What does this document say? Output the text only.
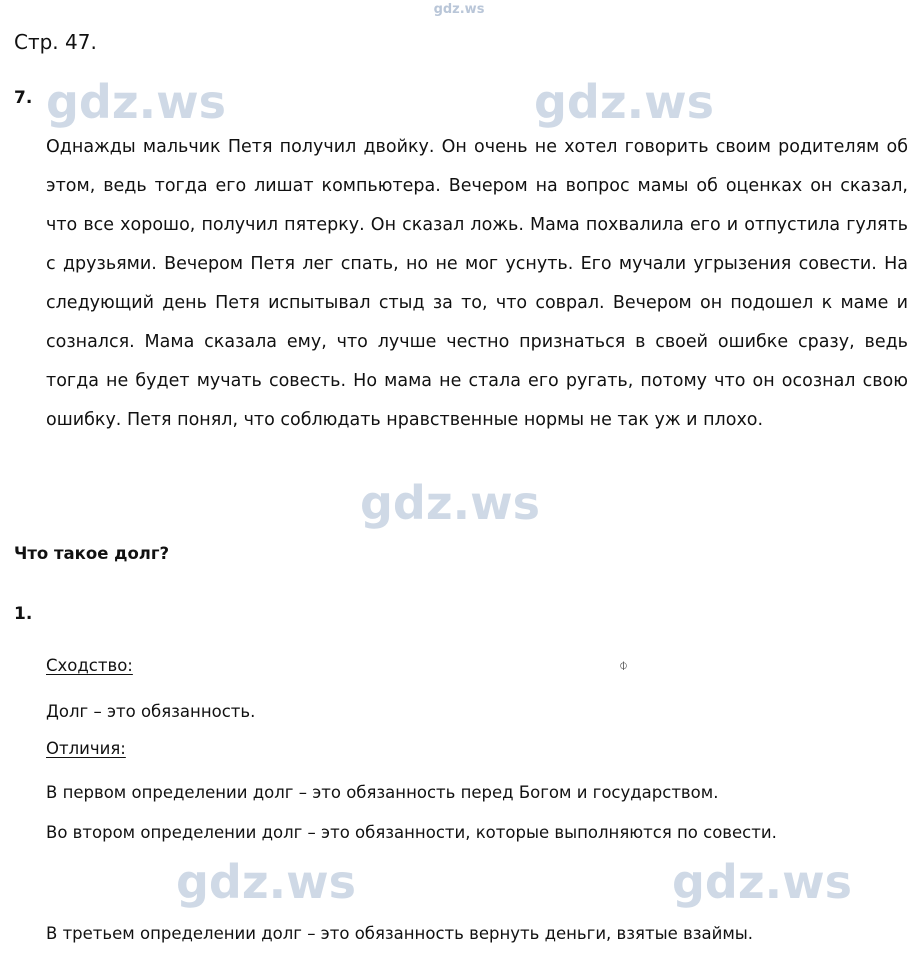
gdz.ws
Стр. 47.
7. gdz.ws	gdz.ws
Однажды мальчик Петя получил двойку. Он очень не хотел говорить своим родителям об этом, ведь тогда его лишат компьютера. Вечером на вопрос мамы об оценках он сказал, что все хорошо, получил пятерку. Он сказал ложь. Мама похвалила его и отпустила гулять с друзьями. Вечером Петя лег спать, но не мог уснуть. Его мучали угрызения совести. На следующий день Петя испытывал стыд за то, что соврал. Вечером он подошел к маме и сознался. Мама сказала ему, что лучше честно признаться в своей ошибке сразу, ведь тогда не будет мучать совесть. Но мама не стала его ругать, потому что он осознал свою ошибку. Петя понял, что соблюдать нравственные нормы не так уж и плохо.
gdz.ws
Что такое долг?
1.
Сходство:
Долг – это обязанность.
Отличия:
В первом определении долг – это обязанность перед Богом и государством.
Во втором определении долг – это обязанности, которые выполняются по совести.
gdz.ws	gdz.ws
В третьем определении долг – это обязанность вернуть деньги, взятые взаймы.
⌽
